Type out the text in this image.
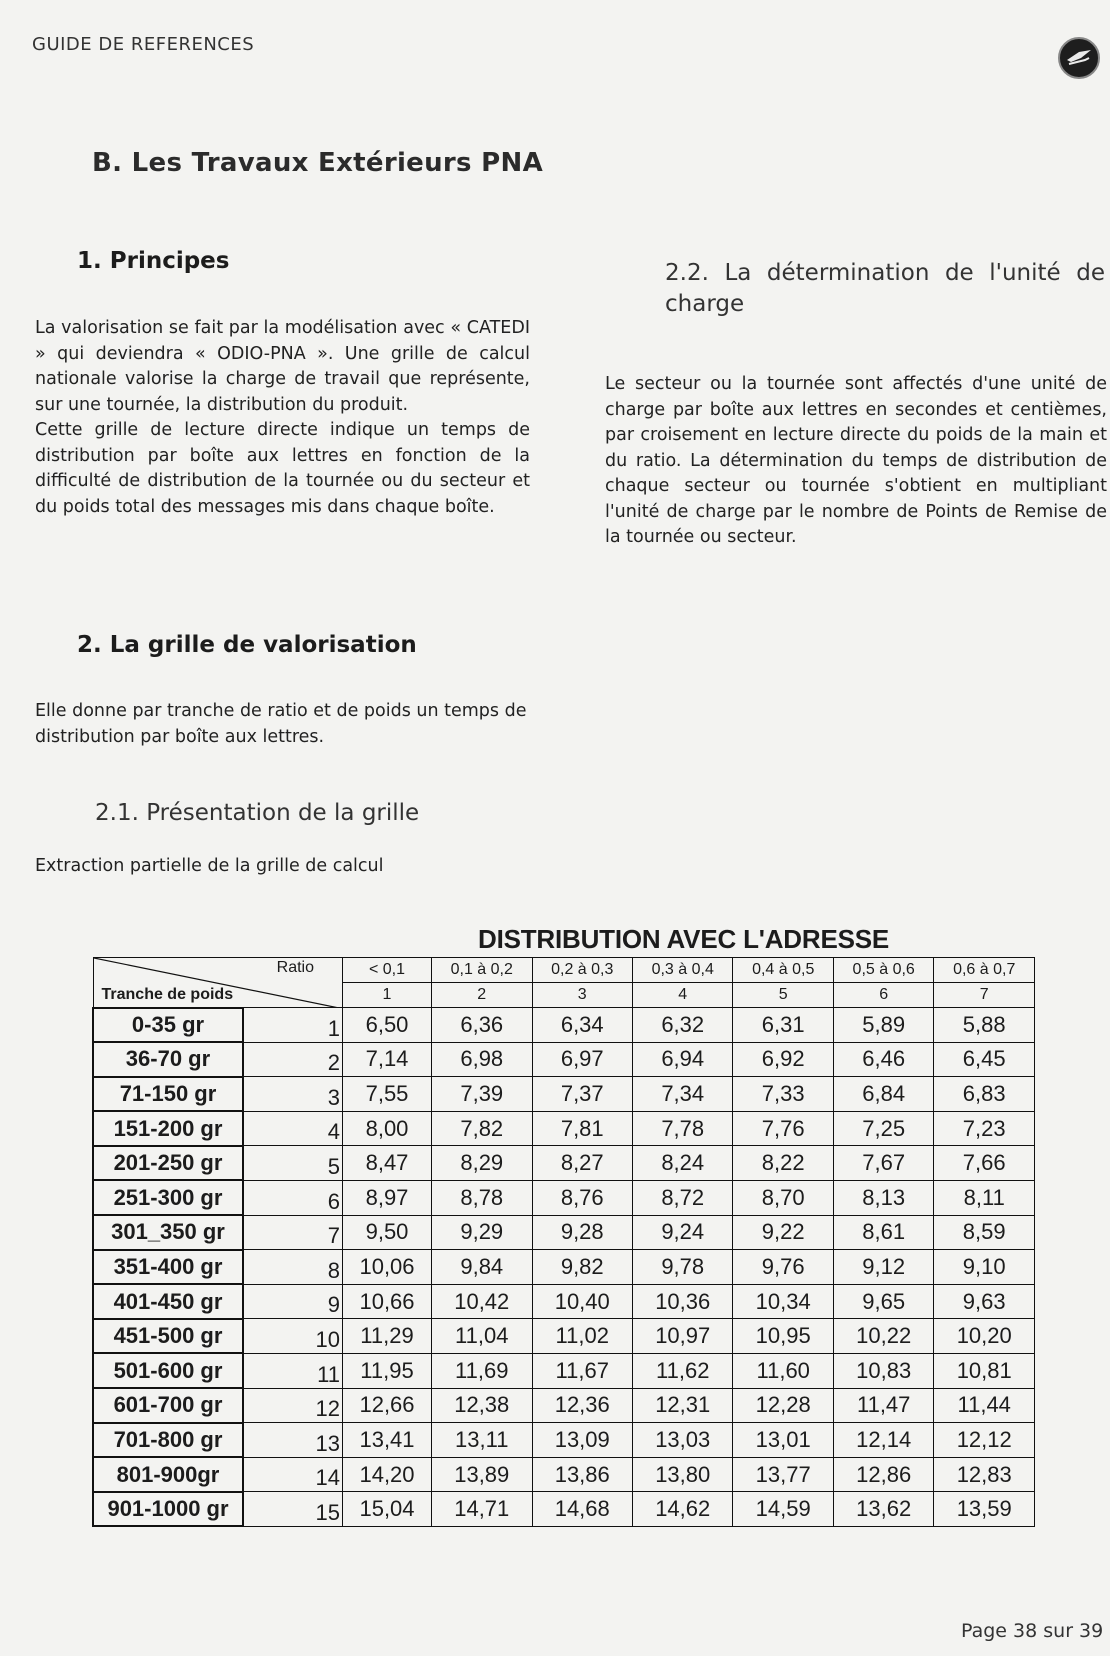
GUIDE DE REFERENCES
B. Les Travaux Extérieurs PNA
1. Principes

La valorisation se fait par la modélisation avec « CATEDI » qui deviendra « ODIO-PNA ». Une grille de calcul nationale valorise la charge de travail que représente, sur une tournée, la distribution du produit.

Cette grille de lecture directe indique un temps de distribution par boîte aux lettres en fonction de la difficulté de distribution de la tournée ou du secteur et du poids total des messages mis dans chaque boîte.

2. La grille de valorisation
Elle donne par tranche de ratio et de poids un temps de distribution par boîte aux lettres.
2.1. Présentation de la grille
Extraction partielle de la grille de calcul
2.2. La détermination de l'unité de
charge
Le secteur ou la tournée sont affectés d'une unité de charge par boîte aux lettres en secondes et centièmes, par croisement en lecture directe du poids de la main et du ratio. La détermination du temps de distribution de chaque secteur ou tournée s'obtient en multipliant l'unité de charge par le nombre de Points de Remise de la tournée ou secteur.
DISTRIBUTION AVEC L'ADRESSE
Ratio
Tranche de poids		< 0,1	0,1 à 0,2	0,2 à 0,3	0,3 à 0,4	0,4 à 0,5	0,5 à 0,6	0,6 à 0,7
		1	2	3	4	5	6	7
0-35 gr	1	6,50	6,36	6,34	6,32	6,31	5,89	5,88
36-70 gr	2	7,14	6,98	6,97	6,94	6,92	6,46	6,45
71-150 gr	3	7,55	7,39	7,37	7,34	7,33	6,84	6,83
151-200 gr	4	8,00	7,82	7,81	7,78	7,76	7,25	7,23
201-250 gr	5	8,47	8,29	8,27	8,24	8,22	7,67	7,66
251-300 gr	6	8,97	8,78	8,76	8,72	8,70	8,13	8,11
301_350 gr	7	9,50	9,29	9,28	9,24	9,22	8,61	8,59
351-400 gr	8	10,06	9,84	9,82	9,78	9,76	9,12	9,10
401-450 gr	9	10,66	10,42	10,40	10,36	10,34	9,65	9,63
451-500 gr	10	11,29	11,04	11,02	10,97	10,95	10,22	10,20
501-600 gr	11	11,95	11,69	11,67	11,62	11,60	10,83	10,81
601-700 gr	12	12,66	12,38	12,36	12,31	12,28	11,47	11,44
701-800 gr	13	13,41	13,11	13,09	13,03	13,01	12,14	12,12
801-900gr	14	14,20	13,89	13,86	13,80	13,77	12,86	12,83
901-1000 gr	15	15,04	14,71	14,68	14,62	14,59	13,62	13,59
Page 38 sur 39
